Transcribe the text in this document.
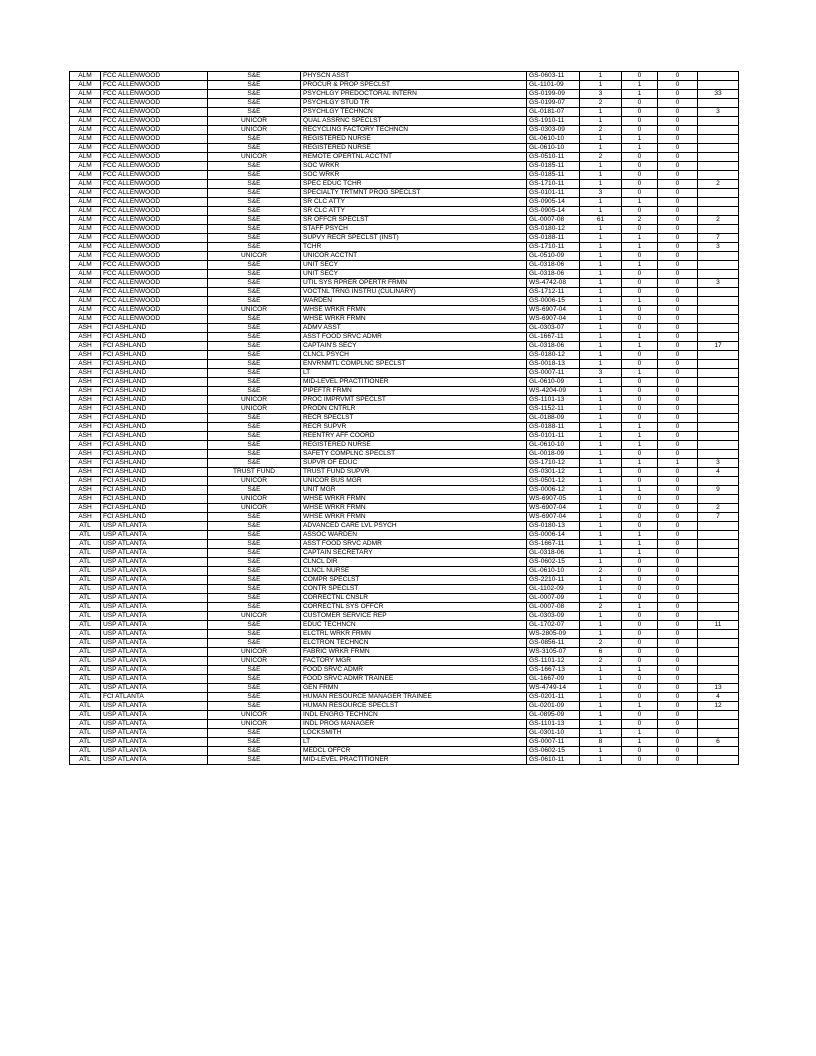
ALM	FCC ALLENWOOD	S&E	PHYSCN ASST	GS-0603-11	1	0	0	
ALM	FCC ALLENWOOD	S&E	PROCUR & PROP SPECLST	GL-1101-09	1	1	0	
ALM	FCC ALLENWOOD	S&E	PSYCHLGY PREDOCTORAL INTERN	GS-0199-09	3	1	0	33
ALM	FCC ALLENWOOD	S&E	PSYCHLGY STUD TR	GS-0199-07	2	0	0	
ALM	FCC ALLENWOOD	S&E	PSYCHLGY TECHNCN	GL-0181-07	1	0	0	3
ALM	FCC ALLENWOOD	UNICOR	QUAL ASSRNC SPECLST	GS-1910-11	1	0	0	
ALM	FCC ALLENWOOD	UNICOR	RECYCLING FACTORY TECHNCN	GS-0303-09	2	0	0	
ALM	FCC ALLENWOOD	S&E	REGISTERED NURSE	GL-0610-10	1	1	0	
ALM	FCC ALLENWOOD	S&E	REGISTERED NURSE	GL-0610-10	1	1	0	
ALM	FCC ALLENWOOD	UNICOR	REMOTE OPERTNL ACCTNT	GS-0510-11	2	0	0	
ALM	FCC ALLENWOOD	S&E	SOC WRKR	GS-0185-11	1	0	0	
ALM	FCC ALLENWOOD	S&E	SOC WRKR	GS-0185-11	1	0	0	
ALM	FCC ALLENWOOD	S&E	SPEC EDUC TCHR	GS-1710-11	1	0	0	2
ALM	FCC ALLENWOOD	S&E	SPECIALTY TRTMNT PROG SPECLST	GS-0101-11	3	0	0	
ALM	FCC ALLENWOOD	S&E	SR CLC ATTY	GS-0905-14	1	1	0	
ALM	FCC ALLENWOOD	S&E	SR CLC ATTY	GS-0905-14	1	0	0	
ALM	FCC ALLENWOOD	S&E	SR OFFCR SPECLST	GL-0007-08	61	2	0	2
ALM	FCC ALLENWOOD	S&E	STAFF PSYCH	GS-0180-12	1	0	0	
ALM	FCC ALLENWOOD	S&E	SUPVY RECR SPECLST (INST)	GS-0188-11	1	1	0	7
ALM	FCC ALLENWOOD	S&E	TCHR	GS-1710-11	1	1	0	3
ALM	FCC ALLENWOOD	UNICOR	UNICOR ACCTNT	GL-0510-09	1	0	0	
ALM	FCC ALLENWOOD	S&E	UNIT SECY	GL-0318-06	1	1	0	
ALM	FCC ALLENWOOD	S&E	UNIT SECY	GL-0318-06	1	0	0	
ALM	FCC ALLENWOOD	S&E	UTIL SYS RPRER OPERTR FRMN	WS-4742-08	1	0	0	3
ALM	FCC ALLENWOOD	S&E	VOCTNL TRNG INSTRU (CULINARY)	GS-1712-11	1	0	0	
ALM	FCC ALLENWOOD	S&E	WARDEN	GS-0006-15	1	1	0	
ALM	FCC ALLENWOOD	UNICOR	WHSE WRKR FRMN	WS-6907-04	1	0	0	
ALM	FCC ALLENWOOD	S&E	WHSE WRKR FRMN	WS-6907-04	1	0	0	
ASH	FCI ASHLAND	S&E	ADMV ASST	GL-0303-07	1	0	0	
ASH	FCI ASHLAND	S&E	ASST FOOD SRVC ADMR	GL-1667-11	1	1	0	
ASH	FCI ASHLAND	S&E	CAPTAIN'S SECY	GL-0318-06	1	1	0	17
ASH	FCI ASHLAND	S&E	CLNCL PSYCH	GS-0180-12	1	0	0	
ASH	FCI ASHLAND	S&E	ENVRNMTL COMPLNC SPECLST	GS-0018-13	1	0	0	
ASH	FCI ASHLAND	S&E	LT	GS-0007-11	3	1	0	
ASH	FCI ASHLAND	S&E	MID-LEVEL PRACTITIONER	GL-0610-09	1	0	0	
ASH	FCI ASHLAND	S&E	PIPEFTR FRMN	WS-4204-09	1	0	0	
ASH	FCI ASHLAND	UNICOR	PROC IMPRVMT SPECLST	GS-1101-13	1	0	0	
ASH	FCI ASHLAND	UNICOR	PRODN CNTRLR	GS-1152-11	1	0	0	
ASH	FCI ASHLAND	S&E	RECR SPECLST	GL-0188-09	1	0	0	
ASH	FCI ASHLAND	S&E	RECR SUPVR	GS-0188-11	1	1	0	
ASH	FCI ASHLAND	S&E	REENTRY AFF COORD	GS-0101-11	1	1	0	
ASH	FCI ASHLAND	S&E	REGISTERED NURSE	GL-0610-10	1	1	0	
ASH	FCI ASHLAND	S&E	SAFETY COMPLNC SPECLST	GL-0018-09	1	0	0	
ASH	FCI ASHLAND	S&E	SUPVR OF EDUC	GS-1710-12	1	1	1	3
ASH	FCI ASHLAND	TRUST FUND	TRUST FUND SUPVR	GS-0301-12	1	0	0	4
ASH	FCI ASHLAND	UNICOR	UNICOR BUS MGR	GS-0501-12	1	0	0	
ASH	FCI ASHLAND	S&E	UNIT MGR	GS-0006-12	1	1	0	9
ASH	FCI ASHLAND	UNICOR	WHSE WRKR FRMN	WS-6907-05	1	0	0	
ASH	FCI ASHLAND	UNICOR	WHSE WRKR FRMN	WS-6907-04	1	0	0	2
ASH	FCI ASHLAND	S&E	WHSE WRKR FRMN	WS-6907-04	1	0	0	7
ATL	USP ATLANTA	S&E	ADVANCED CARE LVL PSYCH	GS-0180-13	1	0	0	
ATL	USP ATLANTA	S&E	ASSOC WARDEN	GS-0006-14	1	1	0	
ATL	USP ATLANTA	S&E	ASST FOOD SRVC ADMR	GS-1667-11	1	1	0	
ATL	USP ATLANTA	S&E	CAPTAIN SECRETARY	GL-0318-06	1	1	0	
ATL	USP ATLANTA	S&E	CLNCL DIR	GS-0602-15	1	0	0	
ATL	USP ATLANTA	S&E	CLNCL NURSE	GL-0610-10	2	0	0	
ATL	USP ATLANTA	S&E	COMPR SPECLST	GS-2210-11	1	0	0	
ATL	USP ATLANTA	S&E	CONTR SPECLST	GL-1102-09	1	0	0	
ATL	USP ATLANTA	S&E	CORRECTNL CNSLR	GL-0007-09	1	0	0	
ATL	USP ATLANTA	S&E	CORRECTNL SYS OFFCR	GL-0007-08	2	1	0	
ATL	USP ATLANTA	UNICOR	CUSTOMER SERVICE REP	GL-0303-09	1	0	0	
ATL	USP ATLANTA	S&E	EDUC TECHNCN	GL-1702-07	1	0	0	11
ATL	USP ATLANTA	S&E	ELCTRL WRKR FRMN	WS-2805-09	1	0	0	
ATL	USP ATLANTA	S&E	ELCTRON TECHNCN	GS-0856-11	2	0	0	
ATL	USP ATLANTA	UNICOR	FABRIC WRKR FRMN	WS-3105-07	6	0	0	
ATL	USP ATLANTA	UNICOR	FACTORY MGR	GS-1101-12	2	0	0	
ATL	USP ATLANTA	S&E	FOOD SRVC ADMR	GS-1667-13	1	1	0	
ATL	USP ATLANTA	S&E	FOOD SRVC ADMR TRAINEE	GL-1667-09	1	0	0	
ATL	USP ATLANTA	S&E	GEN FRMN	WS-4749-14	1	0	0	13
ATL	FCI ATLANTA	S&E	HUMAN RESOURCE MANAGER TRAINEE	GS-0201-11	1	0	0	4
ATL	USP ATLANTA	S&E	HUMAN RESOURCE SPECLST	GL-0201-09	1	1	0	12
ATL	USP ATLANTA	UNICOR	INDL ENGRG TECHNCN	GL-0895-09	1	0	0	
ATL	USP ATLANTA	UNICOR	INDL PROG MANAGER	GS-1101-13	1	0	0	
ATL	USP ATLANTA	S&E	LOCKSMITH	GL-0301-10	1	1	0	
ATL	USP ATLANTA	S&E	LT	GS-0007-11	8	1	0	6
ATL	USP ATLANTA	S&E	MEDCL OFFCR	GS-0602-15	1	0	0	
ATL	USP ATLANTA	S&E	MID-LEVEL PRACTITIONER	GS-0610-11	1	0	0	
